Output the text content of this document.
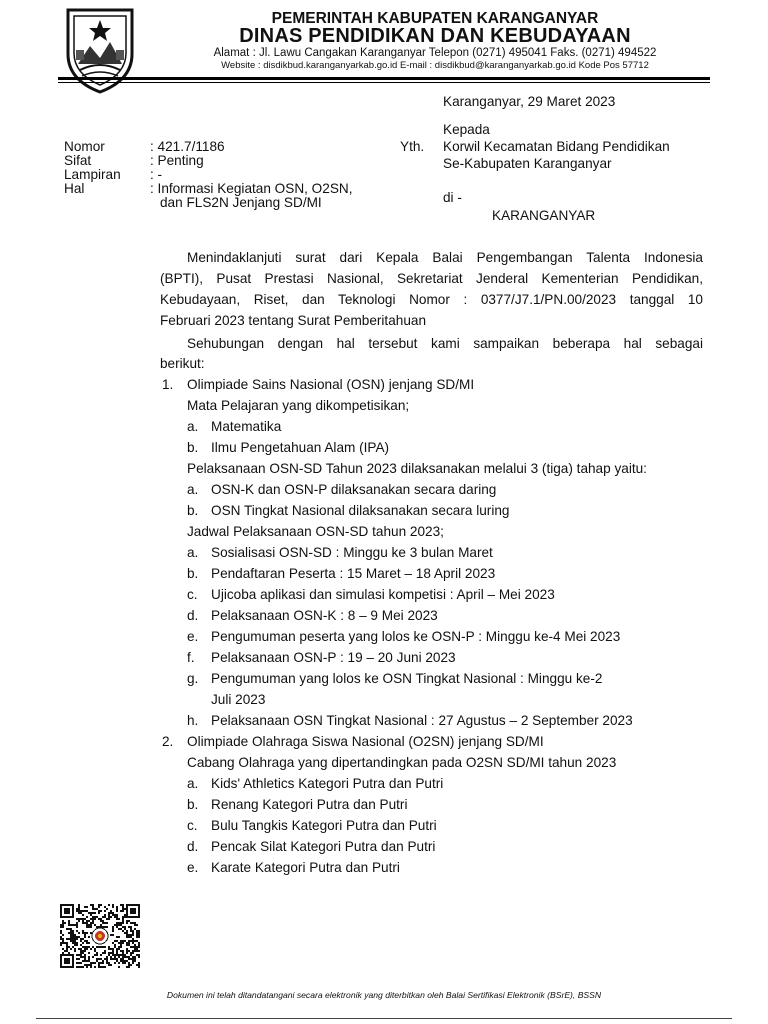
PEMERINTAH KABUPATEN KARANGANYAR
DINAS PENDIDIKAN DAN KEBUDAYAAN
Alamat : Jl. Lawu Cangakan Karanganyar Telepon (0271) 495041 Faks. (0271) 494522
Website : disdikbud.karanganyarkab.go.id E-mail : disdikbud@karanganyarkab.go.id Kode Pos 57712
Karanganyar, 29 Maret 2023
Kepada
Yth. Korwil Kecamatan Bidang Pendidikan
Se-Kabupaten Karanganyar
di -
KARANGANYAR
Nomor	: 421.7/1186
Sifat	: Penting
Lampiran : -
Hal	: Informasi Kegiatan OSN, O2SN,
dan FLS2N Jenjang SD/MI
Menindaklanjuti surat dari Kepala Balai Pengembangan Talenta Indonesia
(BPTI), Pusat Prestasi Nasional, Sekretariat Jenderal Kementerian Pendidikan,
Kebudayaan, Riset, dan Teknologi Nomor : 0377/J7.1/PN.00/2023 tanggal 10
Februari 2023 tentang Surat Pemberitahuan
Sehubungan dengan hal tersebut kami sampaikan beberapa hal sebagai
berikut:
1. Olimpiade Sains Nasional (OSN) jenjang SD/MI
Mata Pelajaran yang dikompetisikan;
a. Matematika
b. Ilmu Pengetahuan Alam (IPA)
Pelaksanaan OSN-SD Tahun 2023 dilaksanakan melalui 3 (tiga) tahap yaitu:
a. OSN-K dan OSN-P dilaksanakan secara daring
b. OSN Tingkat Nasional dilaksanakan secara luring
Jadwal Pelaksanaan OSN-SD tahun 2023;
a. Sosialisasi OSN-SD : Minggu ke 3 bulan Maret
b. Pendaftaran Peserta : 15 Maret – 18 April 2023
c. Ujicoba aplikasi dan simulasi kompetisi : April – Mei 2023
d. Pelaksanaan OSN-K : 8 – 9 Mei 2023
e. Pengumuman peserta yang lolos ke OSN-P : Minggu ke-4 Mei 2023
f. Pelaksanaan OSN-P : 19 – 20 Juni 2023
g. Pengumuman yang lolos ke OSN Tingkat Nasional : Minggu ke-2
Juli 2023
h. Pelaksanaan OSN Tingkat Nasional : 27 Agustus – 2 September 2023
2. Olimpiade Olahraga Siswa Nasional (O2SN) jenjang SD/MI
Cabang Olahraga yang dipertandingkan pada O2SN SD/MI tahun 2023
a. Kids' Athletics Kategori Putra dan Putri
b. Renang Kategori Putra dan Putri
c. Bulu Tangkis Kategori Putra dan Putri
d. Pencak Silat Kategori Putra dan Putri
e. Karate Kategori Putra dan Putri
Dokumen ini telah ditandatangani secara elektronik yang diterbitkan oleh Balai Sertifikasi Elektronik (BSrE), BSSN
